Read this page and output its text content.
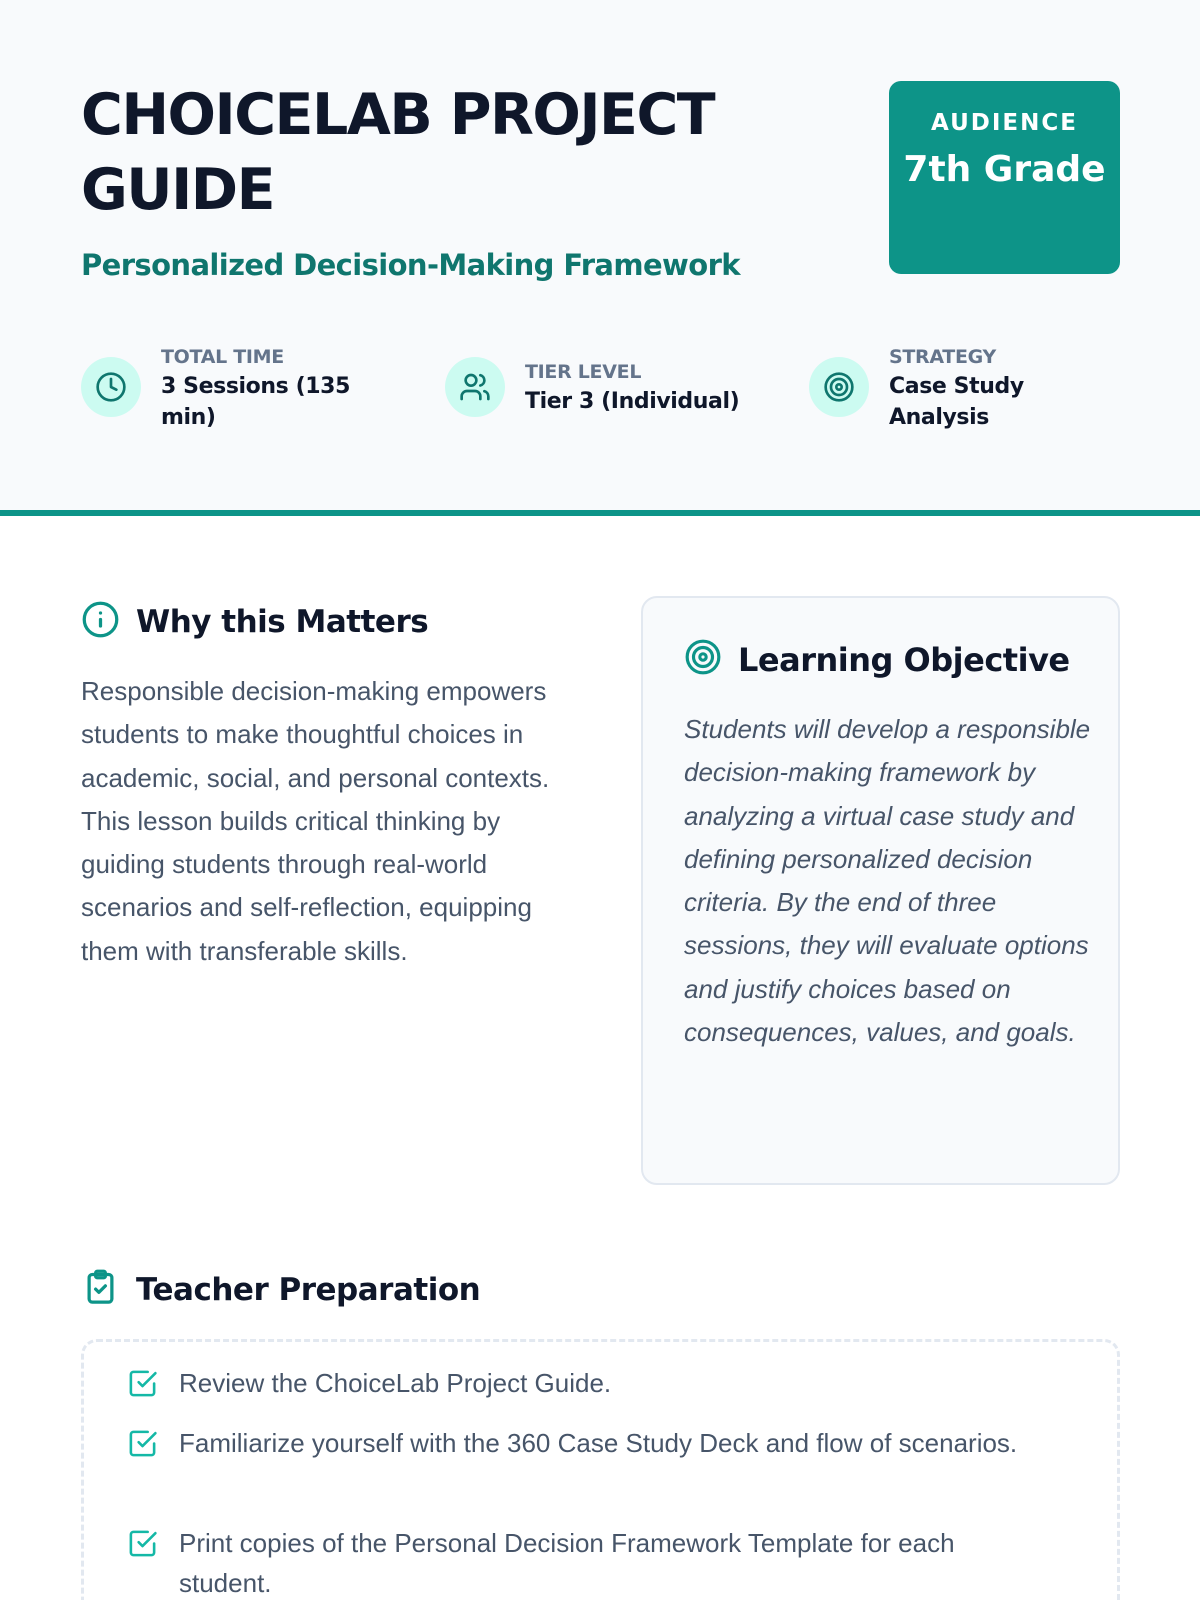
CHOICELAB PROJECT GUIDE
Personalized Decision-Making Framework
AUDIENCE
7th Grade
TOTAL TIME
3 Sessions (135 min)
TIER LEVEL
Tier 3 (Individual)
STRATEGY
Case Study Analysis
Why this Matters

Responsible decision-making empowers students to make thoughtful choices in academic, social, and personal contexts. This lesson builds critical thinking by guiding students through real-world scenarios and self-reflection, equipping them with transferable skills.

Learning Objective

Students will develop a responsible decision-making framework by analyzing a virtual case study and defining personalized decision criteria. By the end of three sessions, they will evaluate options and justify choices based on consequences, values, and goals.

Teacher Preparation
Review the ChoiceLab Project Guide.
Familiarize yourself with the 360 Case Study Deck and flow of scenarios.
Print copies of the Personal Decision Framework Template for each student.
